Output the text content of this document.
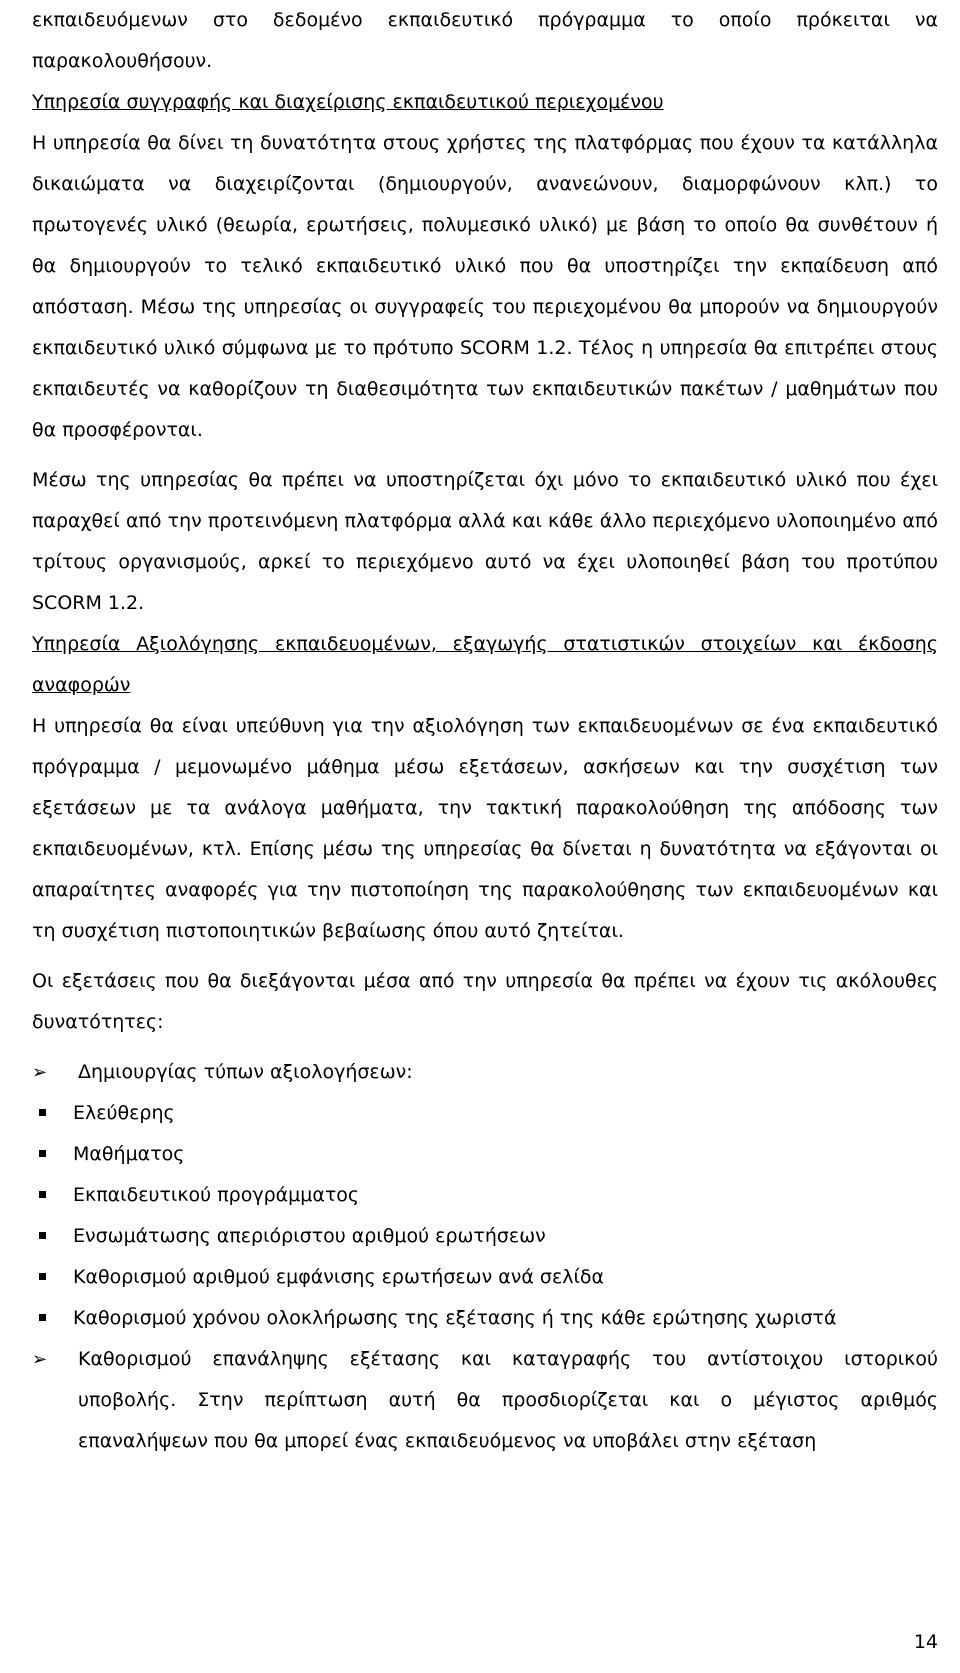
εκπαιδευόμενων στο δεδομένο εκπαιδευτικό πρόγραμμα το οποίο πρόκειται να παρακολουθήσουν.

Υπηρεσία συγγραφής και διαχείρισης εκπαιδευτικού περιεχομένου

Η υπηρεσία θα δίνει τη δυνατότητα στους χρήστες της πλατφόρμας που έχουν τα κατάλληλα δικαιώματα να διαχειρίζονται (δημιουργούν, ανανεώνουν, διαμορφώνουν κλπ.) το πρωτογενές υλικό (θεωρία, ερωτήσεις, πολυμεσικό υλικό) με βάση το οποίο θα συνθέτουν ή θα δημιουργούν το τελικό εκπαιδευτικό υλικό που θα υποστηρίζει την εκπαίδευση από απόσταση. Μέσω της υπηρεσίας οι συγγραφείς του περιεχομένου θα μπορούν να δημιουργούν εκπαιδευτικό υλικό σύμφωνα με το πρότυπο SCORM 1.2. Τέλος η υπηρεσία θα επιτρέπει στους εκπαιδευτές να καθορίζουν τη διαθεσιμότητα των εκπαιδευτικών πακέτων / μαθημάτων που θα προσφέρονται.

Μέσω της υπηρεσίας θα πρέπει να υποστηρίζεται όχι μόνο το εκπαιδευτικό υλικό που έχει παραχθεί από την προτεινόμενη πλατφόρμα αλλά και κάθε άλλο περιεχόμενο υλοποιημένο από τρίτους οργανισμούς, αρκεί το περιεχόμενο αυτό να έχει υλοποιηθεί βάση του προτύπου SCORM 1.2.

Υπηρεσία Αξιολόγησης εκπαιδευομένων, εξαγωγής στατιστικών στοιχείων και έκδοσης αναφορών

Η υπηρεσία θα είναι υπεύθυνη για την αξιολόγηση των εκπαιδευομένων σε ένα εκπαιδευτικό πρόγραμμα / μεμονωμένο μάθημα μέσω εξετάσεων, ασκήσεων και την συσχέτιση των εξετάσεων με τα ανάλογα μαθήματα, την τακτική παρακολούθηση της απόδοσης των εκπαιδευομένων, κτλ. Επίσης μέσω της υπηρεσίας θα δίνεται η δυνατότητα να εξάγονται οι απαραίτητες αναφορές για την πιστοποίηση της παρακολούθησης των εκπαιδευομένων και τη συσχέτιση πιστοποιητικών βεβαίωσης όπου αυτό ζητείται.

Οι εξετάσεις που θα διεξάγονται μέσα από την υπηρεσία θα πρέπει να έχουν τις ακόλουθες δυνατότητες:

➢	Δημιουργίας τύπων αξιολογήσεων:
Ελεύθερης
Μαθήματος
Εκπαιδευτικού προγράμματος
Ενσωμάτωσης απεριόριστου αριθμού ερωτήσεων
Καθορισμού αριθμού εμφάνισης ερωτήσεων ανά σελίδα
Καθορισμού χρόνου ολοκλήρωσης της εξέτασης ή της κάθε ερώτησης χωριστά
➢	Καθορισμού επανάληψης εξέτασης και καταγραφής του αντίστοιχου ιστορικού υποβολής. Στην περίπτωση αυτή θα προσδιορίζεται και ο μέγιστος αριθμός επαναλήψεων που θα μπορεί ένας εκπαιδευόμενος να υποβάλει στην εξέταση
14
